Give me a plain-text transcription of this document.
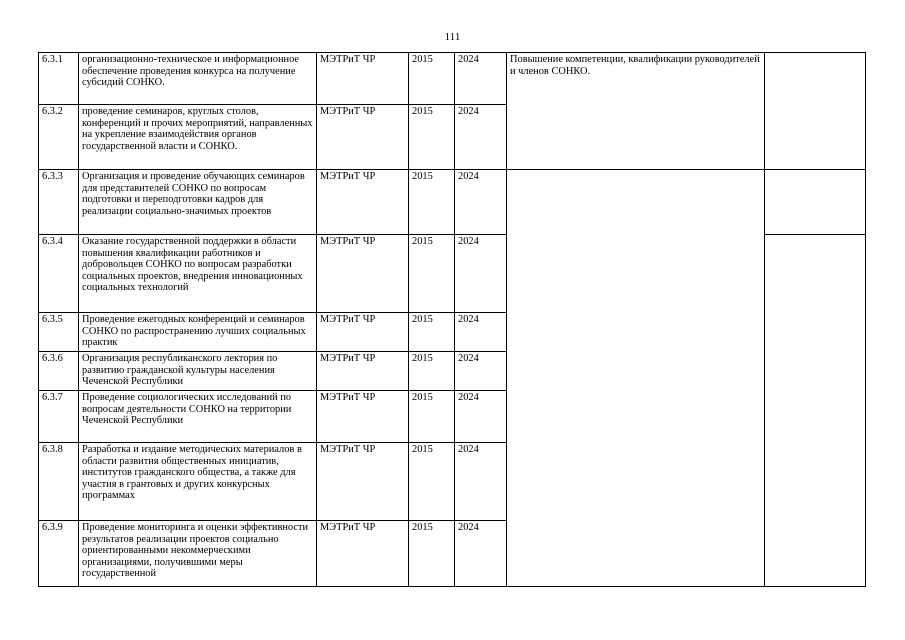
111
6.3.1	организационно-техническое и информационное обеспечение проведения конкурса на получение субсидий СОНКО.	МЭТРиТ ЧР	2015	2024	Повышение компетенции, квалификации руководителей и членов СОНКО.	
6.3.2	проведение семинаров, круглых столов, конференций и прочих мероприятий, направленных на укрепление взаимодействия органов государственной власти и СОНКО.	МЭТРиТ ЧР	2015	2024		
6.3.3	Организация и проведение обучающих семинаров для представителей СОНКО по вопросам подготовки и переподготовки кадров для реализации социально-значимых проектов	МЭТРиТ ЧР	2015	2024		
6.3.4	Оказание государственной поддержки в области повышения квалификации работников и добровольцев СОНКО по вопросам разработки социальных проектов, внедрения инновационных социальных технологий	МЭТРиТ ЧР	2015	2024		
6.3.5	Проведение ежегодных конференций и семинаров СОНКО по распространению лучших социальных практик	МЭТРиТ ЧР	2015	2024		
6.3.6	Организация республиканского лектория по развитию гражданской культуры населения Чеченской Республики	МЭТРиТ ЧР	2015	2024		
6.3.7	Проведение социологических исследований по вопросам деятельности СОНКО на территории Чеченской Республики	МЭТРиТ ЧР	2015	2024		
6.3.8	Разработка и издание методических материалов в области развития общественных инициатив, институтов гражданского общества, а также для участия в грантовых и других конкурсных программах	МЭТРиТ ЧР	2015	2024		
6.3.9	Проведение мониторинга и оценки эффективности результатов реализации проектов социально ориентированными некоммерческими организациями, получившими меры государственной	МЭТРиТ ЧР	2015	2024		
